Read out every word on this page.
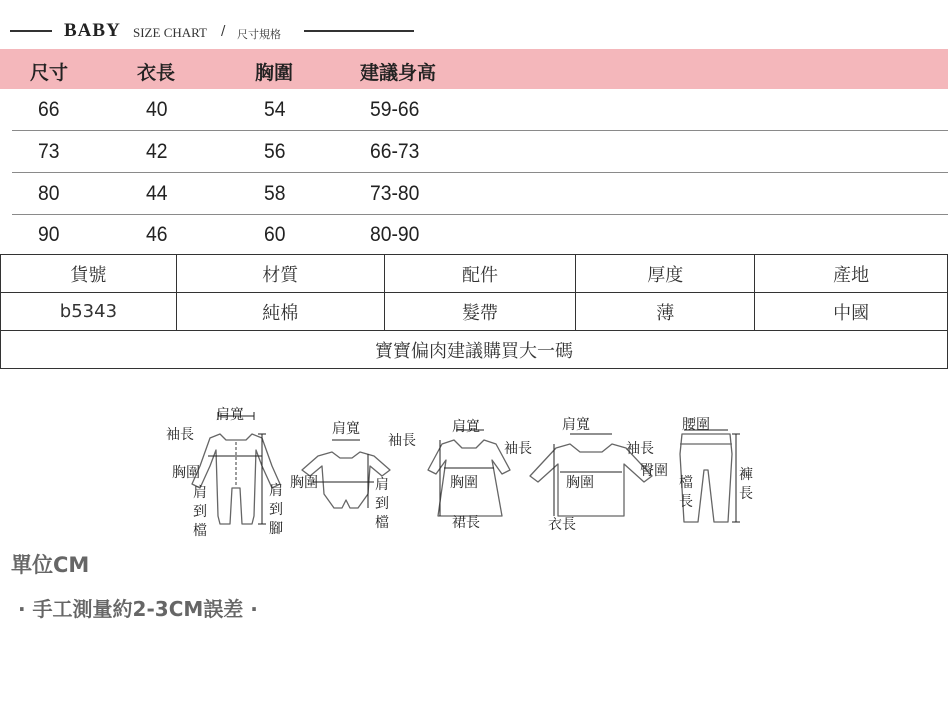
BABY SIZE CHART / 尺寸規格
尺寸	衣長	胸圍	建議身高
66	40	54	59-66
73	42	56	66-73
80	44	58	73-80
90	46	60	80-90
貨號	材質	配件	厚度	產地
b5343	純棉	髮帶	薄	中國
寶寶偏肉建議購買大一碼				
肩寬
袖長
胸圍
肩到檔
肩到腳
肩寬
袖長
胸圍	肩到檔
肩寬
袖長
胸圍
裙長
肩寬
袖長
胸圍
衣長
腰圍
臀圍
檔長
褲長
單位CM
· 手工測量約2-3CM誤差 ·
